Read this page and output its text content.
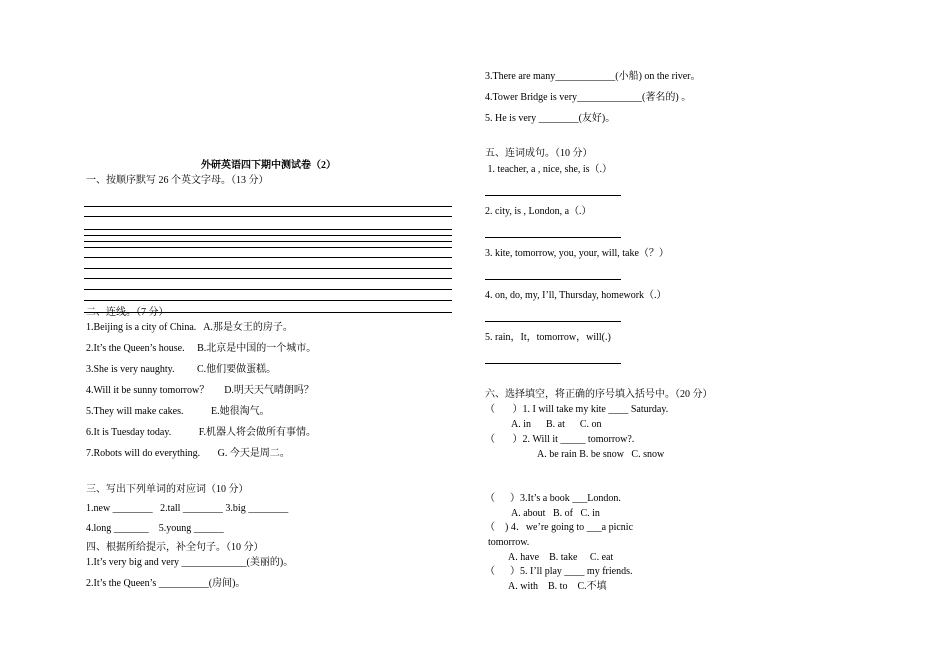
外研英语四下期中测试卷（2）
一、按顺序默写 26 个英文字母。（13 分）
二、连线。（7 分）
1.Beijing is a city of China.   A.那是女王的房子。
2.It’s the Queen’s house.     B.北京是中国的一个城市。
3.She is very naughty.         C.他们要做蛋糕。
4.Will it be sunny tomorrow？      D.明天天气晴朗吗？
5.They will make cakes.           E.她很淘气。
6.It is Tuesday today.           F.机器人将会做所有事情。
7.Robots will do everything.       G. 今天是周二。
三、写出下列单词的对应词（10 分）
1.new ________   2.tall ________ 3.big ________
4.long _______    5.young ______
四、根据所给提示，补全句子。（10 分）
1.It’s very big and very _____________(美丽的)。
2.It’s the Queen’s __________(房间)。
3.There are many____________(小船) on the river。
4.Tower Bridge is very_____________(著名的) 。
5. He is very ________(友好)。
五、连词成句。（10 分）
1. teacher, a , nice, she, is（.）
2. city, is , London, a（.）
3. kite, tomorrow, you, your, will, take（？）
4. on, do, my, I’ll, Thursday, homework（.）
5. rain，It，tomorrow，will(.)
六、选择填空，将正确的序号填入括号中。（20 分）
（       ）1. I will take my kite ____ Saturday.
A. in      B. at      C. on
（       ）2. Will it _____ tomorrow?.
A. be rain B. be snow   C. snow
（      ）3.It’s a book ___London.
A. about   B. of   C. in
（    ) 4．we’re going to ___a picnic
tomorrow.
A. have    B. take     C. eat
（      ）5. I’ll play ____ my friends.
A. with    B. to    C.不填
